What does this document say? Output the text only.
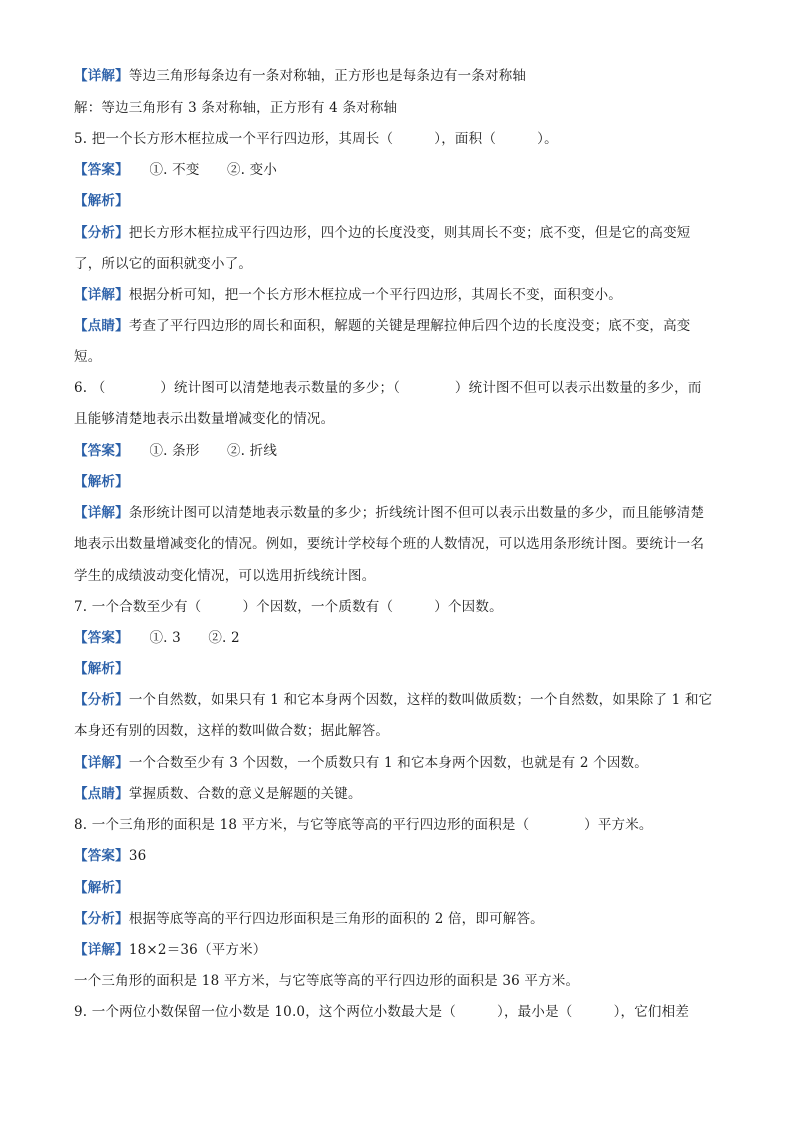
【详解】等边三角形每条边有一条对称轴，正方形也是每条边有一条对称轴
解：等边三角形有 3 条对称轴，正方形有 4 条对称轴
5. 把一个长方形木框拉成一个平行四边形，其周长（　　　），面积（　　　）。
【答案】　　①. 不变　　②. 变小
【解析】
【分析】把长方形木框拉成平行四边形，四个边的长度没变，则其周长不变；底不变，但是它的高变短
了，所以它的面积就变小了。
【详解】根据分析可知，把一个长方形木框拉成一个平行四边形，其周长不变，面积变小。
【点睛】考查了平行四边形的周长和面积，解题的关键是理解拉伸后四个边的长度没变；底不变，高变
短。
6. （　　　　）统计图可以清楚地表示数量的多少；（　　　　）统计图不但可以表示出数量的多少，而
且能够清楚地表示出数量增减变化的情况。
【答案】　　①. 条形　　②. 折线
【解析】
【详解】条形统计图可以清楚地表示数量的多少；折线统计图不但可以表示出数量的多少，而且能够清楚
地表示出数量增减变化的情况。例如，要统计学校每个班的人数情况，可以选用条形统计图。要统计一名
学生的成绩波动变化情况，可以选用折线统计图。
7. 一个合数至少有（　　　）个因数，一个质数有（　　　）个因数。
【答案】　　①. 3　　②. 2
【解析】
【分析】一个自然数，如果只有 1 和它本身两个因数，这样的数叫做质数；一个自然数，如果除了 1 和它
本身还有别的因数，这样的数叫做合数；据此解答。
【详解】一个合数至少有 3 个因数，一个质数只有 1 和它本身两个因数，也就是有 2 个因数。
【点睛】掌握质数、合数的意义是解题的关键。
8. 一个三角形的面积是 18 平方米，与它等底等高的平行四边形的面积是（　　　　）平方米。
【答案】36
【解析】
【分析】根据等底等高的平行四边形面积是三角形的面积的 2 倍，即可解答。
【详解】18×2＝36（平方米）
一个三角形的面积是 18 平方米，与它等底等高的平行四边形的面积是 36 平方米。
9. 一个两位小数保留一位小数是 10.0，这个两位小数最大是（　　　），最小是（　　　），它们相差
